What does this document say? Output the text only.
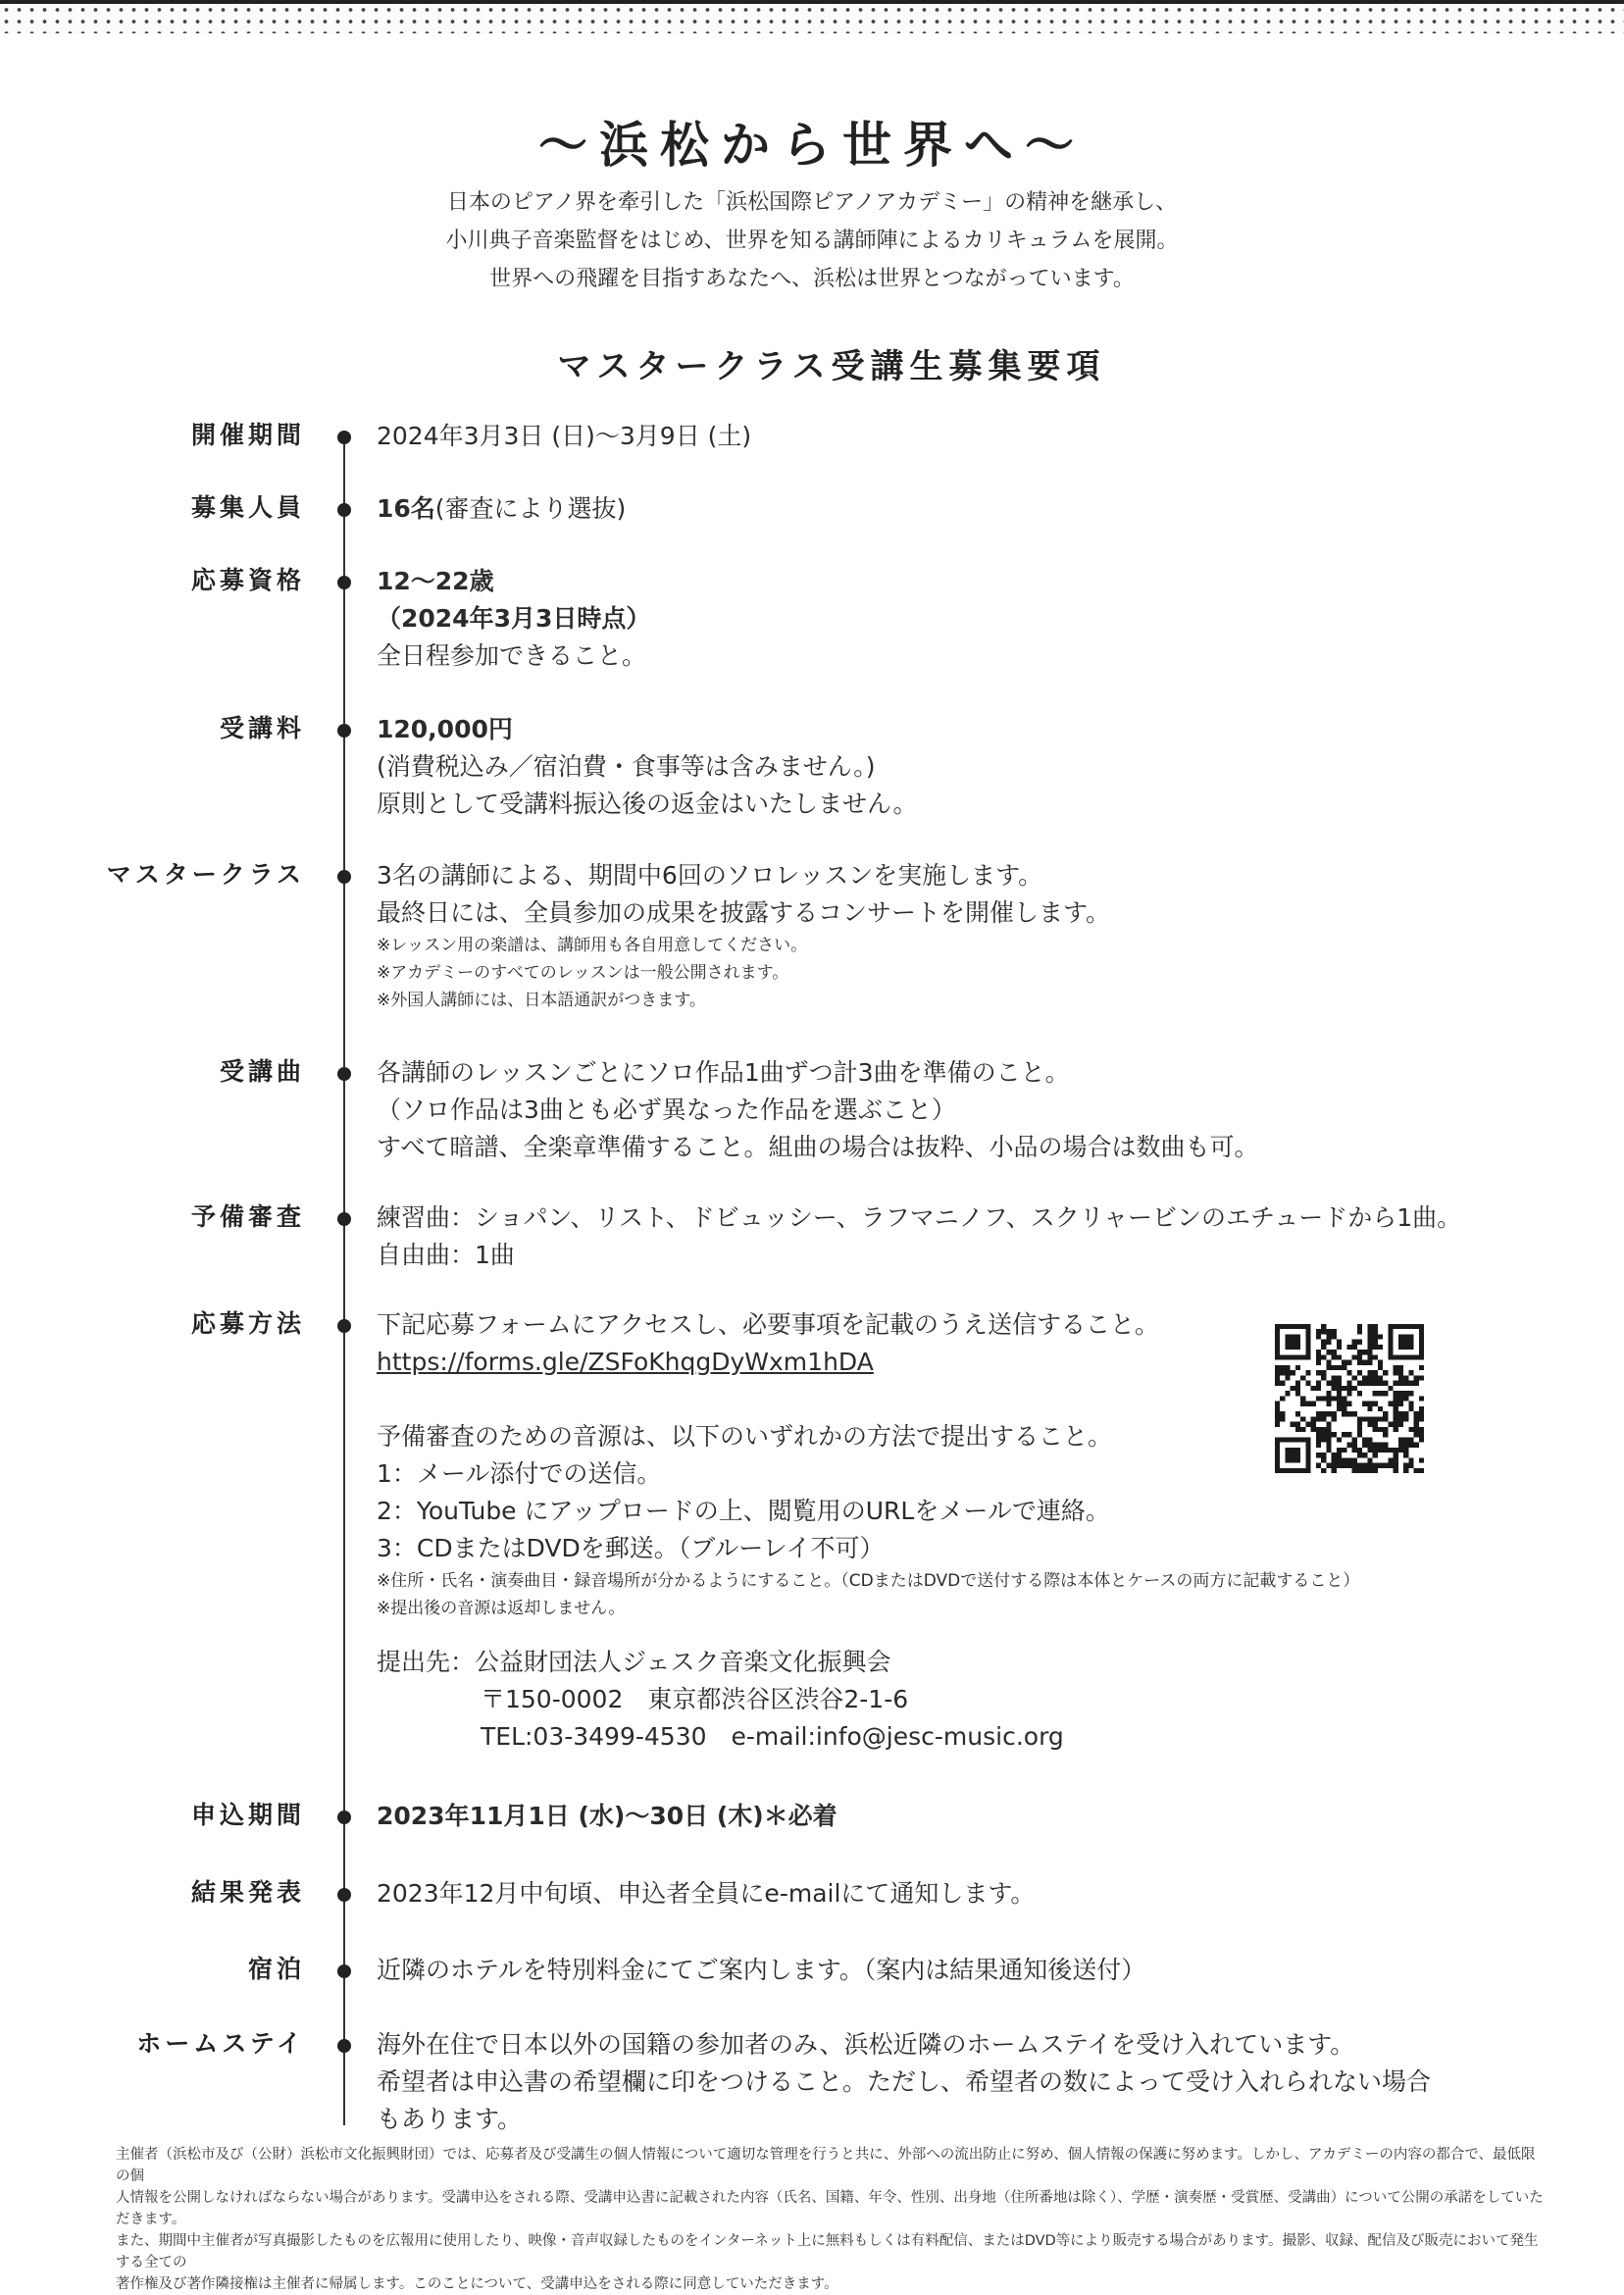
〜浜松から世界へ〜
日本のピアノ界を牽引した「浜松国際ピアノアカデミー」の精神を継承し、
小川典子音楽監督をはじめ、世界を知る講師陣によるカリキュラムを展開。
世界への飛躍を目指すあなたへ、浜松は世界とつながっています。
マスタークラス受講生募集要項
開催期間	2024年3月3日 (日)～3月9日 (土)
募集人員	16名(審査により選抜)
応募資格	12〜22歳
（2024年3月3日時点）
全日程参加できること。
受講料	120,000円
(消費税込み／宿泊費・食事等は含みません。)
原則として受講料振込後の返金はいたしません。
マスタークラス	3名の講師による、期間中6回のソロレッスンを実施します。
最終日には、全員参加の成果を披露するコンサートを開催します。
※レッスン用の楽譜は、講師用も各自用意してください。
※アカデミーのすべてのレッスンは一般公開されます。
※外国人講師には、日本語通訳がつきます。
受講曲	各講師のレッスンごとにソロ作品1曲ずつ計3曲を準備のこと。
（ソロ作品は3曲とも必ず異なった作品を選ぶこと）
すべて暗譜、全楽章準備すること。組曲の場合は抜粋、小品の場合は数曲も可。
予備審査	練習曲：ショパン、リスト、ドビュッシー、ラフマニノフ、スクリャービンのエチュードから1曲。
自由曲：1曲
応募方法	下記応募フォームにアクセスし、必要事項を記載のうえ送信すること。
https://forms.gle/ZSFoKhqgDyWxm1hDA
予備審査のための音源は、以下のいずれかの方法で提出すること。
1：メール添付での送信。
2：YouTube にアップロードの上、閲覧用のURLをメールで連絡。
3：CDまたはDVDを郵送。（ブルーレイ不可）
※住所・氏名・演奏曲目・録音場所が分かるようにすること。（CDまたはDVDで送付する際は本体とケースの両方に記載すること）
※提出後の音源は返却しません。
提出先：公益財団法人ジェスク音楽文化振興会
〒150-0002　東京都渋谷区渋谷2-1-6
TEL:03-3499-4530　e-mail:info@jesc-music.org
申込期間	2023年11月1日 (水)～30日 (木)＊必着
結果発表	2023年12月中旬頃、申込者全員にe-mailにて通知します。
宿泊	近隣のホテルを特別料金にてご案内します。（案内は結果通知後送付）
ホームステイ	海外在住で日本以外の国籍の参加者のみ、浜松近隣のホームステイを受け入れています。
希望者は申込書の希望欄に印をつけること。ただし、希望者の数によって受け入れられない場合
もあります。
主催者（浜松市及び（公財）浜松市文化振興財団）では、応募者及び受講生の個人情報について適切な管理を行うと共に、外部への流出防止に努め、個人情報の保護に努めます。しかし、アカデミーの内容の都合で、最低限の個
人情報を公開しなければならない場合があります。受講申込をされる際、受講申込書に記載された内容（氏名、国籍、年令、性別、出身地（住所番地は除く）、学歴・演奏歴・受賞歴、受講曲）について公開の承諾をしていただきます。
また、期間中主催者が写真撮影したものを広報用に使用したり、映像・音声収録したものをインターネット上に無料もしくは有料配信、またはDVD等により販売する場合があります。撮影、収録、配信及び販売において発生する全ての
著作権及び著作隣接権は主催者に帰属します。このことについて、受講申込をされる際に同意していただきます。
